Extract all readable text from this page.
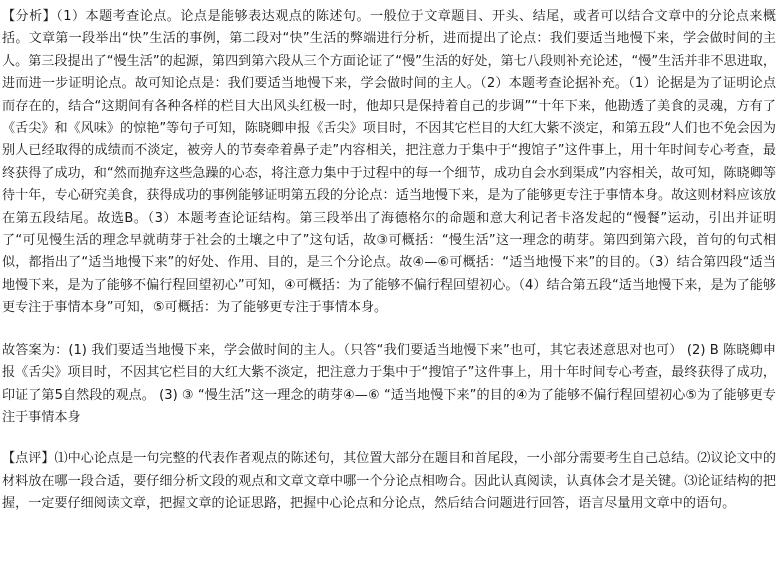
【分析】（1）本题考查论点。论点是能够表达观点的陈述句。一般位于文章题目、开头、结尾，或者可以结合文章中的分论点来概括。文章第一段举出“快”生活的事例，第二段对“快”生活的弊端进行分析，进而提出了论点：我们要适当地慢下来，学会做时间的主人。第三段提出了“慢生活”的起源，第四到第六段从三个方面论证了“慢”生活的好处，第七八段则补充论述，“慢”生活并非不思进取，进而进一步证明论点。故可知论点是：我们要适当地慢下来，学会做时间的主人。（2）本题考查论据补充。（1）论据是为了证明论点而存在的，结合“这期间有各种各样的栏目大出风头红极一时，他却只是保持着自己的步调”“十年下来，他勘透了美食的灵魂，方有了《舌尖》和《风味》的惊艳”等句子可知，陈晓卿申报《舌尖》项目时，不因其它栏目的大红大紫不淡定，和第五段“人们也不免会因为别人已经取得的成绩而不淡定，被旁人的节奏牵着鼻子走”内容相关，把注意力于集中于“搜馆子”这件事上，用十年时间专心考查，最终获得了成功，和“然而抛弃这些急躁的心态，将注意力集中于过程中的每一个细节，成功自会水到渠成”内容相关，故可知，陈晓卿等待十年，专心研究美食，获得成功的事例能够证明第五段的分论点：适当地慢下来，是为了能够更专注于事情本身。故这则材料应该放在第五段结尾。故选B。（3）本题考查论证结构。第三段举出了海德格尔的命题和意大利记者卡洛发起的“慢餐”运动，引出并证明了“可见慢生活的理念早就萌芽于社会的土壤之中了”这句话，故③可概括：“慢生活”这一理念的萌芽。第四到第六段，首句的句式相似，都指出了“适当地慢下来”的好处、作用、目的，是三个分论点。故④—⑥可概括：“适当地慢下来”的目的。（3）结合第四段“适当地慢下来，是为了能够不偏行程回望初心”可知，④可概括：为了能够不偏行程回望初心。（4）结合第五段“适当地慢下来，是为了能够更专注于事情本身”可知，⑤可概括：为了能够更专注于事情本身。

故答案为：(1) 我们要适当地慢下来，学会做时间的主人。（只答“我们要适当地慢下来”也可，其它表述意思对也可） (2) B 陈晓卿申报《舌尖》项目时，不因其它栏目的大红大紫不淡定，把注意力于集中于“搜馆子”这件事上，用十年时间专心考查，最终获得了成功，印证了第5自然段的观点。 (3) ③ “慢生活”这一理念的萌芽④—⑥ “适当地慢下来”的目的④为了能够不偏行程回望初心⑤为了能够更专注于事情本身

【点评】⑴中心论点是一句完整的代表作者观点的陈述句，其位置大部分在题目和首尾段，一小部分需要考生自己总结。⑵议论文中的材料放在哪一段合适，要仔细分析文段的观点和文章文章中哪一个分论点相吻合。因此认真阅读，认真体会才是关键。⑶论证结构的把握，一定要仔细阅读文章，把握文章的论证思路，把握中心论点和分论点，然后结合问题进行回答，语言尽量用文章中的语句。
